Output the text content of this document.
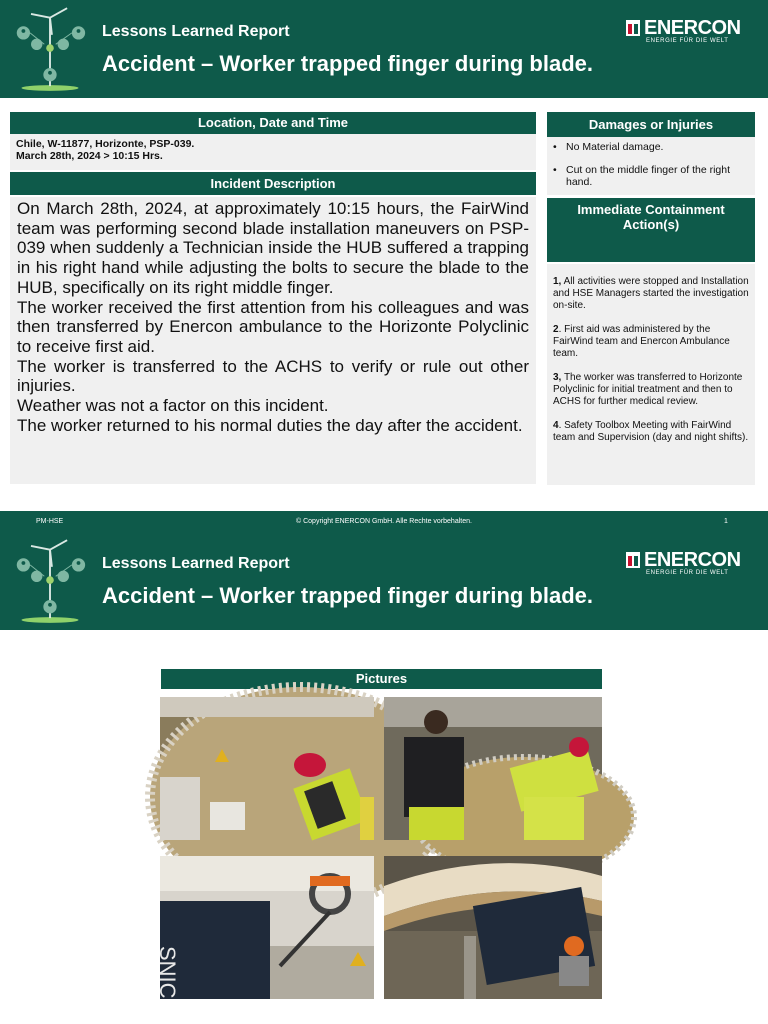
Lessons Learned Report
Accident – Worker trapped finger during blade.
ENERCON
ENERGIE FÜR DIE WELT
Location, Date and Time
Chile, W-11877, Horizonte, PSP-039.
March 28th, 2024 > 10:15 Hrs.
Incident Description
On March 28th, 2024, at approximately 10:15 hours, the FairWind team was performing second blade installation maneuvers on PSP-039 when suddenly a Technician inside the HUB suffered a trapping in his right hand while adjusting the bolts to secure the blade to the HUB, specifically on its right middle finger.
The worker received the first attention from his colleagues and was then transferred by Enercon ambulance to the Horizonte Polyclinic to receive first aid.
The worker is transferred to the ACHS to verify or rule out other injuries.
Weather was not a factor on this incident.
The worker returned to his normal duties the day after the accident.
Damages or Injuries
• No Material damage.
• Cut on the middle finger of the right hand.
Immediate Containment Action(s)
1, All activities were stopped and Installation and HSE Managers started the investigation on-site.
2. First aid was administered by the FairWind team and Enercon Ambulance team.
3, The worker was transferred to Horizonte Polyclinic for initial treatment and then to ACHS for further medical review.
4. Safety Toolbox Meeting with FairWind team and Supervision (day and night shifts).
PM-HSE	© Copyright ENERCON GmbH. Alle Rechte vorbehalten.	1
Lessons Learned Report
Accident – Worker trapped finger during blade.
ENERCON
ENERGIE FÜR DIE WELT
Pictures
SNIC
